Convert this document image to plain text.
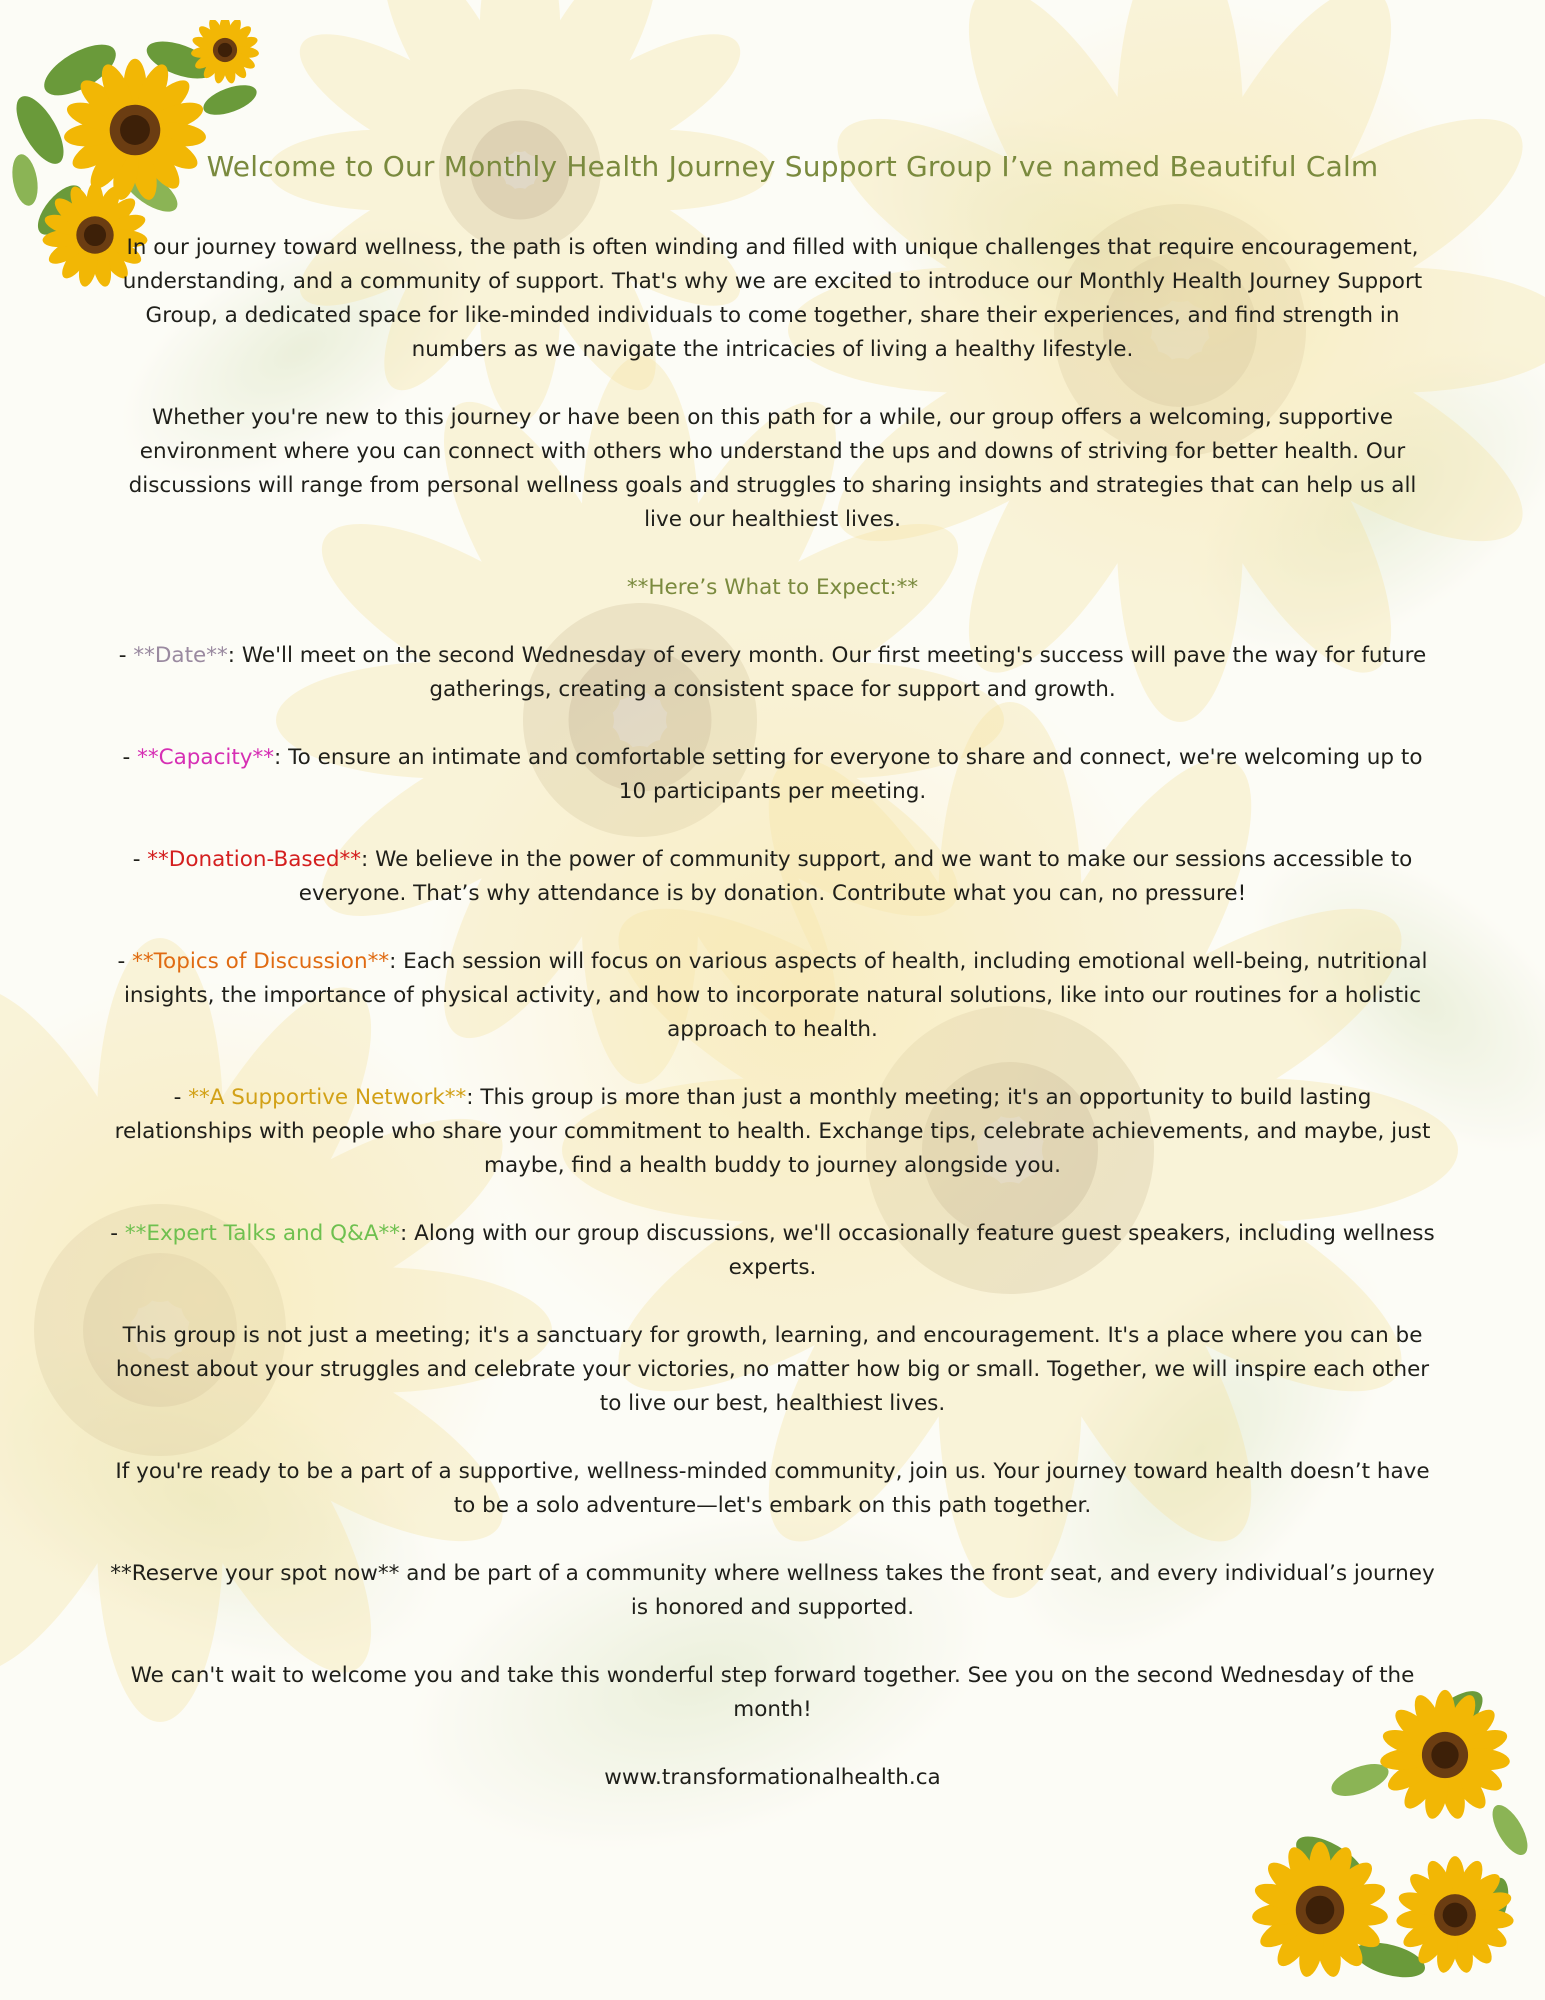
Welcome to Our Monthly Health Journey Support Group I’ve named Beautiful Calm

In our journey toward wellness, the path is often winding and filled with unique challenges that require encouragement, understanding, and a community of support. That's why we are excited to introduce our Monthly Health Journey Support Group, a dedicated space for like-minded individuals to come together, share their experiences, and find strength in numbers as we navigate the intricacies of living a healthy lifestyle.

Whether you're new to this journey or have been on this path for a while, our group offers a welcoming, supportive environment where you can connect with others who understand the ups and downs of striving for better health. Our discussions will range from personal wellness goals and struggles to sharing insights and strategies that can help us all live our healthiest lives.

**Here’s What to Expect:**

- **Date**: We'll meet on the second Wednesday of every month. Our first meeting's success will pave the way for future gatherings, creating a consistent space for support and growth.

- **Capacity**: To ensure an intimate and comfortable setting for everyone to share and connect, we're welcoming up to 10 participants per meeting.

- **Donation-Based**: We believe in the power of community support, and we want to make our sessions accessible to everyone. That’s why attendance is by donation. Contribute what you can, no pressure!

- **Topics of Discussion**: Each session will focus on various aspects of health, including emotional well-being, nutritional insights, the importance of physical activity, and how to incorporate natural solutions, like into our routines for a holistic approach to health.

- **A Supportive Network**: This group is more than just a monthly meeting; it's an opportunity to build lasting relationships with people who share your commitment to health. Exchange tips, celebrate achievements, and maybe, just maybe, find a health buddy to journey alongside you.

- **Expert Talks and Q&A**: Along with our group discussions, we'll occasionally feature guest speakers, including wellness experts.

This group is not just a meeting; it's a sanctuary for growth, learning, and encouragement. It's a place where you can be honest about your struggles and celebrate your victories, no matter how big or small. Together, we will inspire each other to live our best, healthiest lives.

If you're ready to be a part of a supportive, wellness-minded community, join us. Your journey toward health doesn’t have to be a solo adventure—let's embark on this path together.

**Reserve your spot now** and be part of a community where wellness takes the front seat, and every individual’s journey is honored and supported.

We can't wait to welcome you and take this wonderful step forward together. See you on the second Wednesday of the month!

www.transformationalhealth.ca
